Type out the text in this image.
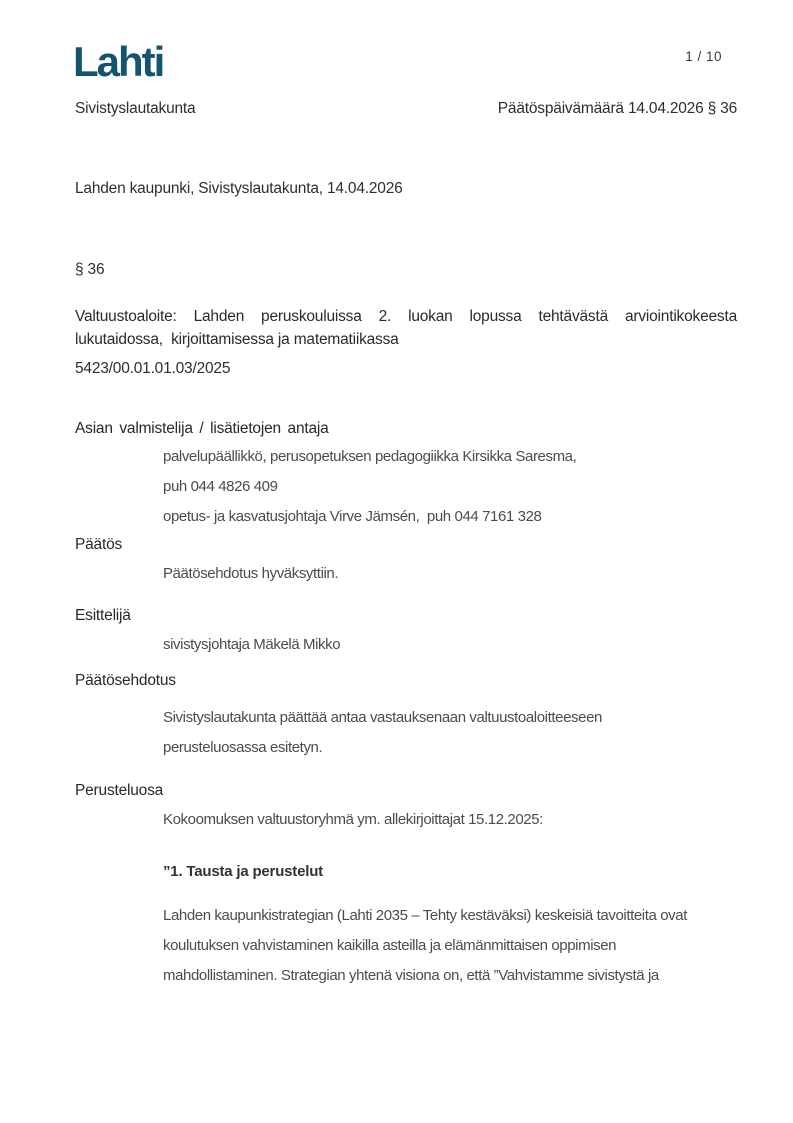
Lahti	1 / 10
Sivistyslautakunta	Päätöspäivämäärä 14.04.2026 § 36
Lahden kaupunki, Sivistyslautakunta, 14.04.2026
§ 36
Valtuustoaloite: Lahden peruskouluissa 2. luokan lopussa tehtävästä arviointikokeesta
lukutaidossa,  kirjoittamisessa ja matematiikassa
5423/00.01.01.03/2025
Asian valmistelija / lisätietojen antaja
palvelupäällikkö, perusopetuksen pedagogiikka Kirsikka Saresma,
puh 044 4826 409
opetus- ja kasvatusjohtaja Virve Jämsén,  puh 044 7161 328
Päätös
Päätösehdotus hyväksyttiin.
Esittelijä
sivistysjohtaja Mäkelä Mikko
Päätösehdotus
Sivistyslautakunta päättää antaa vastauksenaan valtuustoaloitteeseen
perusteluosassa esitetyn.
Perusteluosa
Kokoomuksen valtuustoryhmä ym. allekirjoittajat 15.12.2025:
”1. Tausta ja perustelut
Lahden kaupunkistrategian (Lahti 2035 – Tehty kestäväksi) keskeisiä tavoitteita ovat
koulutuksen vahvistaminen kaikilla asteilla ja elämänmittaisen oppimisen
mahdollistaminen. Strategian yhtenä visiona on, että ”Vahvistamme sivistystä ja
